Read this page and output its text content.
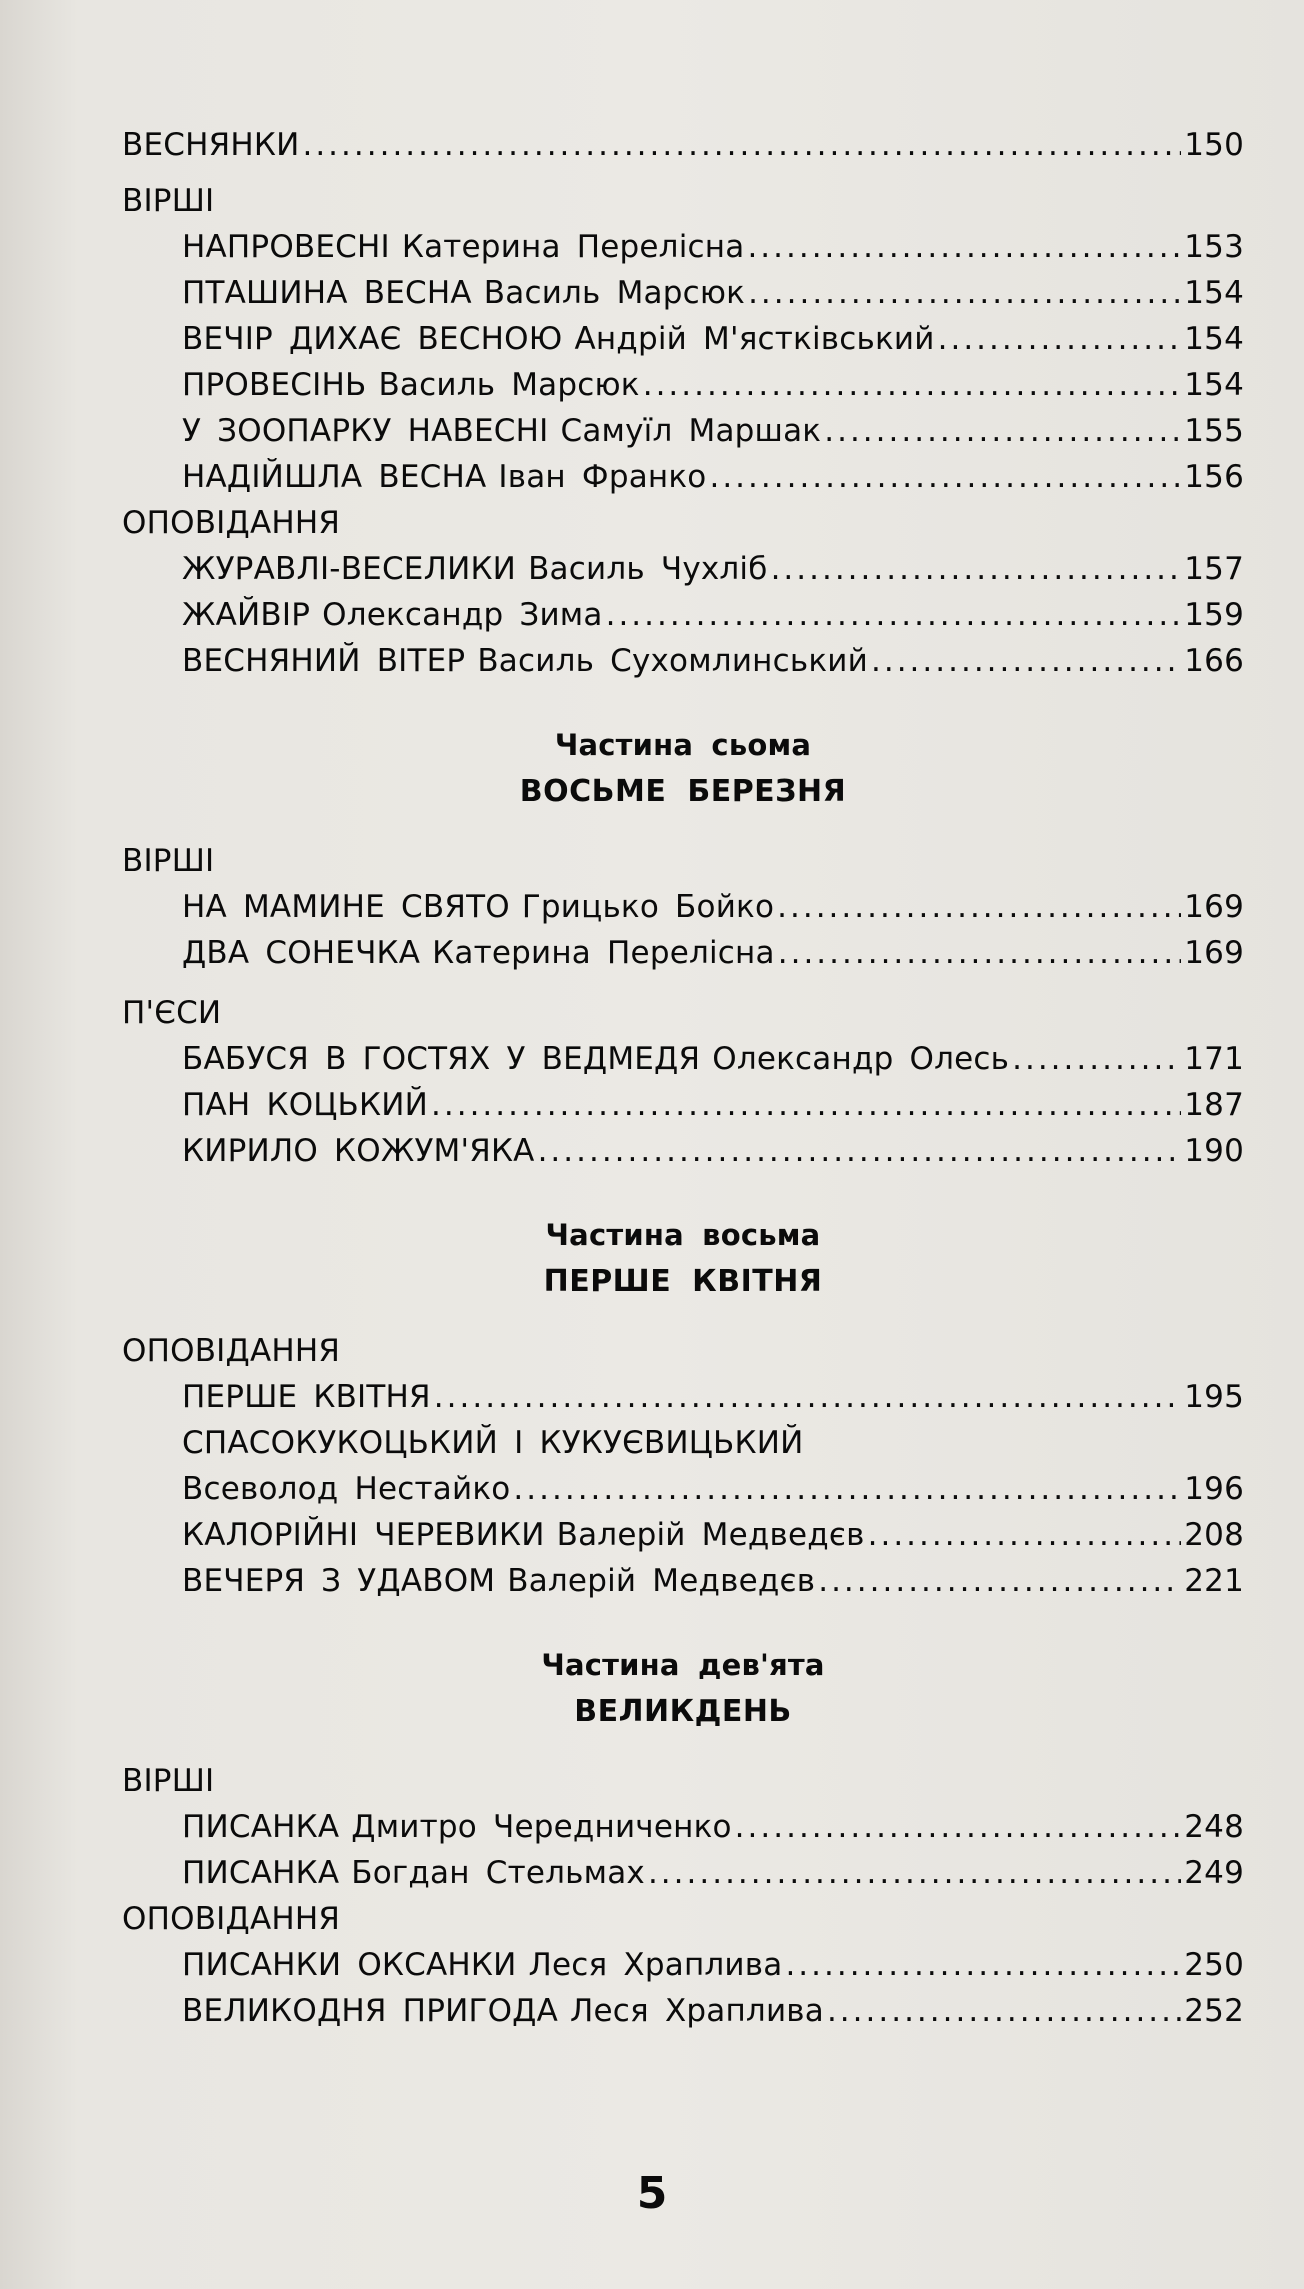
ВЕСНЯНКИ .....	150
ВІРШІ
НАПРОВЕСНІ Катерина Перелісна .....	153
ПТАШИНА ВЕСНА Василь Марсюк .....	154
ВЕЧІР ДИХАЄ ВЕСНОЮ Андрій М'ястківський .....	154
ПРОВЕСІНЬ Василь Марсюк .....	154
У ЗООПАРКУ НАВЕСНІ Самуїл Маршак .....	155
НАДІЙШЛА ВЕСНА Іван Франко .....	156
ОПОВІДАННЯ
ЖУРАВЛІ-ВЕСЕЛИКИ Василь Чухліб .....	157
ЖАЙВІР Олександр Зима .....	159
ВЕСНЯНИЙ ВІТЕР Василь Сухомлинський .....	166
Частина сьома
ВОСЬМЕ БЕРЕЗНЯ
ВІРШІ
НА МАМИНЕ СВЯТО Грицько Бойко .....	169
ДВА СОНЕЧКА Катерина Перелісна .....	169
П'ЄСИ
БАБУСЯ В ГОСТЯХ У ВЕДМЕДЯ Олександр Олесь .....	171
ПАН КОЦЬКИЙ .....	187
КИРИЛО КОЖУМ'ЯКА .....	190
Частина восьма
ПЕРШЕ КВІТНЯ
ОПОВІДАННЯ
ПЕРШЕ КВІТНЯ .....	195
СПАСОКУКОЦЬКИЙ І КУКУЄВИЦЬКИЙ
Всеволод Нестайко .....	196
КАЛОРІЙНІ ЧЕРЕВИКИ Валерій Медведєв .....	208
ВЕЧЕРЯ З УДАВОМ Валерій Медведєв .....	221
Частина дев'ята
ВЕЛИКДЕНЬ
ВІРШІ
ПИСАНКА Дмитро Чередниченко .....	248
ПИСАНКА Богдан Стельмах .....	249
ОПОВІДАННЯ
ПИСАНКИ ОКСАНКИ Леся Храплива .....	250
ВЕЛИКОДНЯ ПРИГОДА Леся Храплива .....	252
5
